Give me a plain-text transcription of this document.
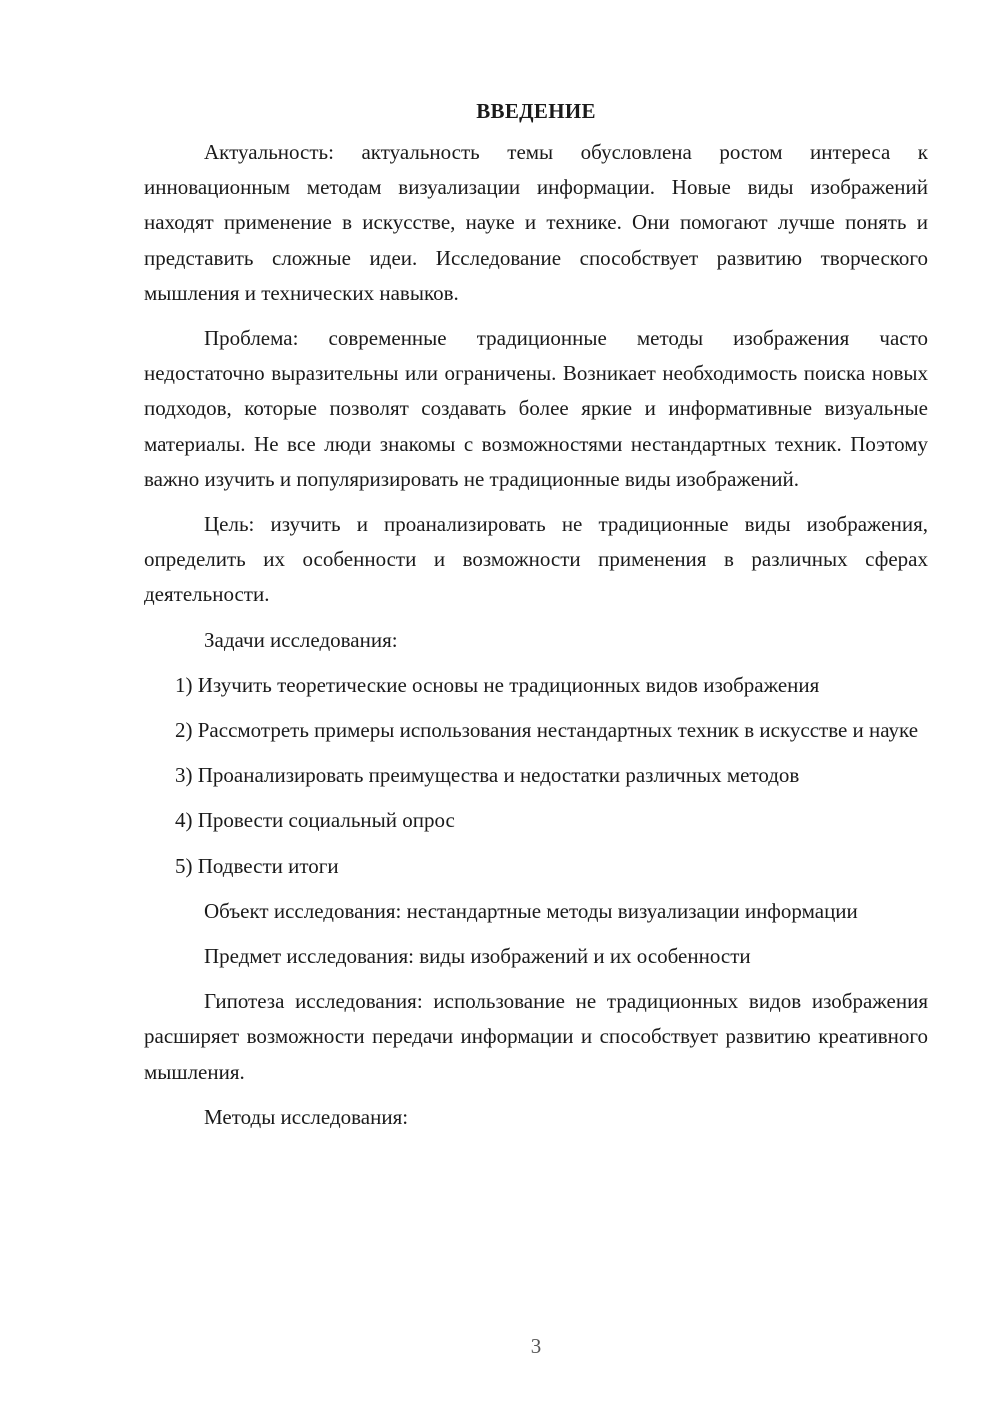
ВВЕДЕНИЕ

Актуальность: актуальность темы обусловлена ростом интереса к инновационным методам визуализации информации. Новые виды изображений находят применение в искусстве, науке и технике. Они помогают лучше понять и представить сложные идеи. Исследование способствует развитию творческого мышления и технических навыков.

Проблема: современные традиционные методы изображения часто недостаточно выразительны или ограничены. Возникает необходимость поиска новых подходов, которые позволят создавать более яркие и информативные визуальные материалы. Не все люди знакомы с возможностями нестандартных техник. Поэтому важно изучить и популяризировать не традиционные виды изображений.

Цель: изучить и проанализировать не традиционные виды изображения, определить их особенности и возможности применения в различных сферах деятельности.

Задачи исследования:

1) Изучить теоретические основы не традиционных видов изображения

2) Рассмотреть примеры использования нестандартных техник в искусстве и науке

3) Проанализировать преимущества и недостатки различных методов

4) Провести социальный опрос

5) Подвести итоги

Объект исследования: нестандартные методы визуализации информации

Предмет исследования: виды изображений и их особенности

Гипотеза исследования: использование не традиционных видов изображения расширяет возможности передачи информации и способствует развитию креативного мышления.

Методы исследования:

3
